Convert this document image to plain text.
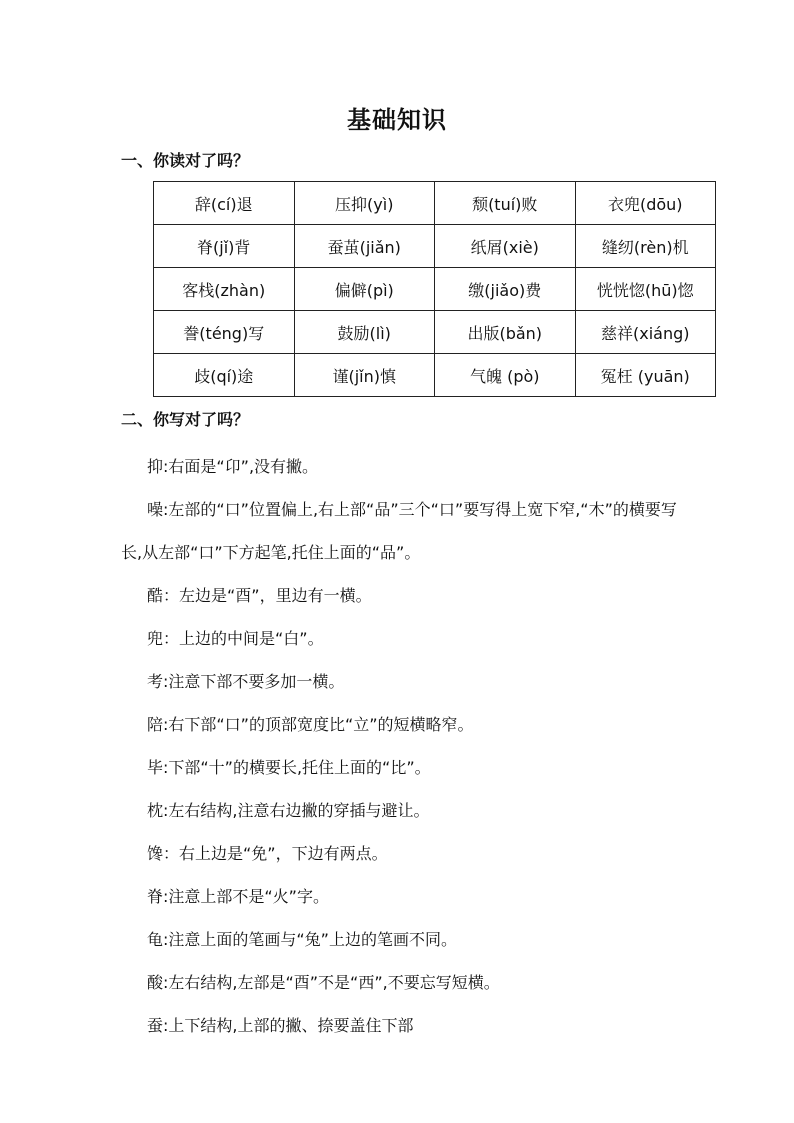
基础知识
一、你读对了吗？
辞(cí)退	压抑(yì)	颓(tuí)败	衣兜(dōu)
脊(jǐ)背	蚕茧(jiǎn)	纸屑(xiè)	缝纫(rèn)机
客栈(zhàn)	偏僻(pì)	缴(jiǎo)费	恍恍惚(hū)惚
誊(téng)写	鼓励(lì)	出版(bǎn)	慈祥(xiáng)
歧(qí)途	谨(jǐn)慎	气魄 (pò)	冤枉 (yuān)
二、你写对了吗？

抑:右面是“卬”,没有撇。

噪:左部的“口”位置偏上,右上部“品”三个“口”要写得上宽下窄,“木”的横要写长,从左部“口”下方起笔,托住上面的“品”。

酷：左边是“酉”，里边有一横。

兜：上边的中间是“白”。

考:注意下部不要多加一横。

陪:右下部“口”的顶部宽度比“立”的短横略窄。

毕:下部“十”的横要长,托住上面的“比”。

枕:左右结构,注意右边撇的穿插与避让。

馋：右上边是“免”，下边有两点。

脊:注意上部不是“火”字。

龟:注意上面的笔画与“兔”上边的笔画不同。

酸:左右结构,左部是“酉”不是“西”,不要忘写短横。

蚕:上下结构,上部的撇、捺要盖住下部
